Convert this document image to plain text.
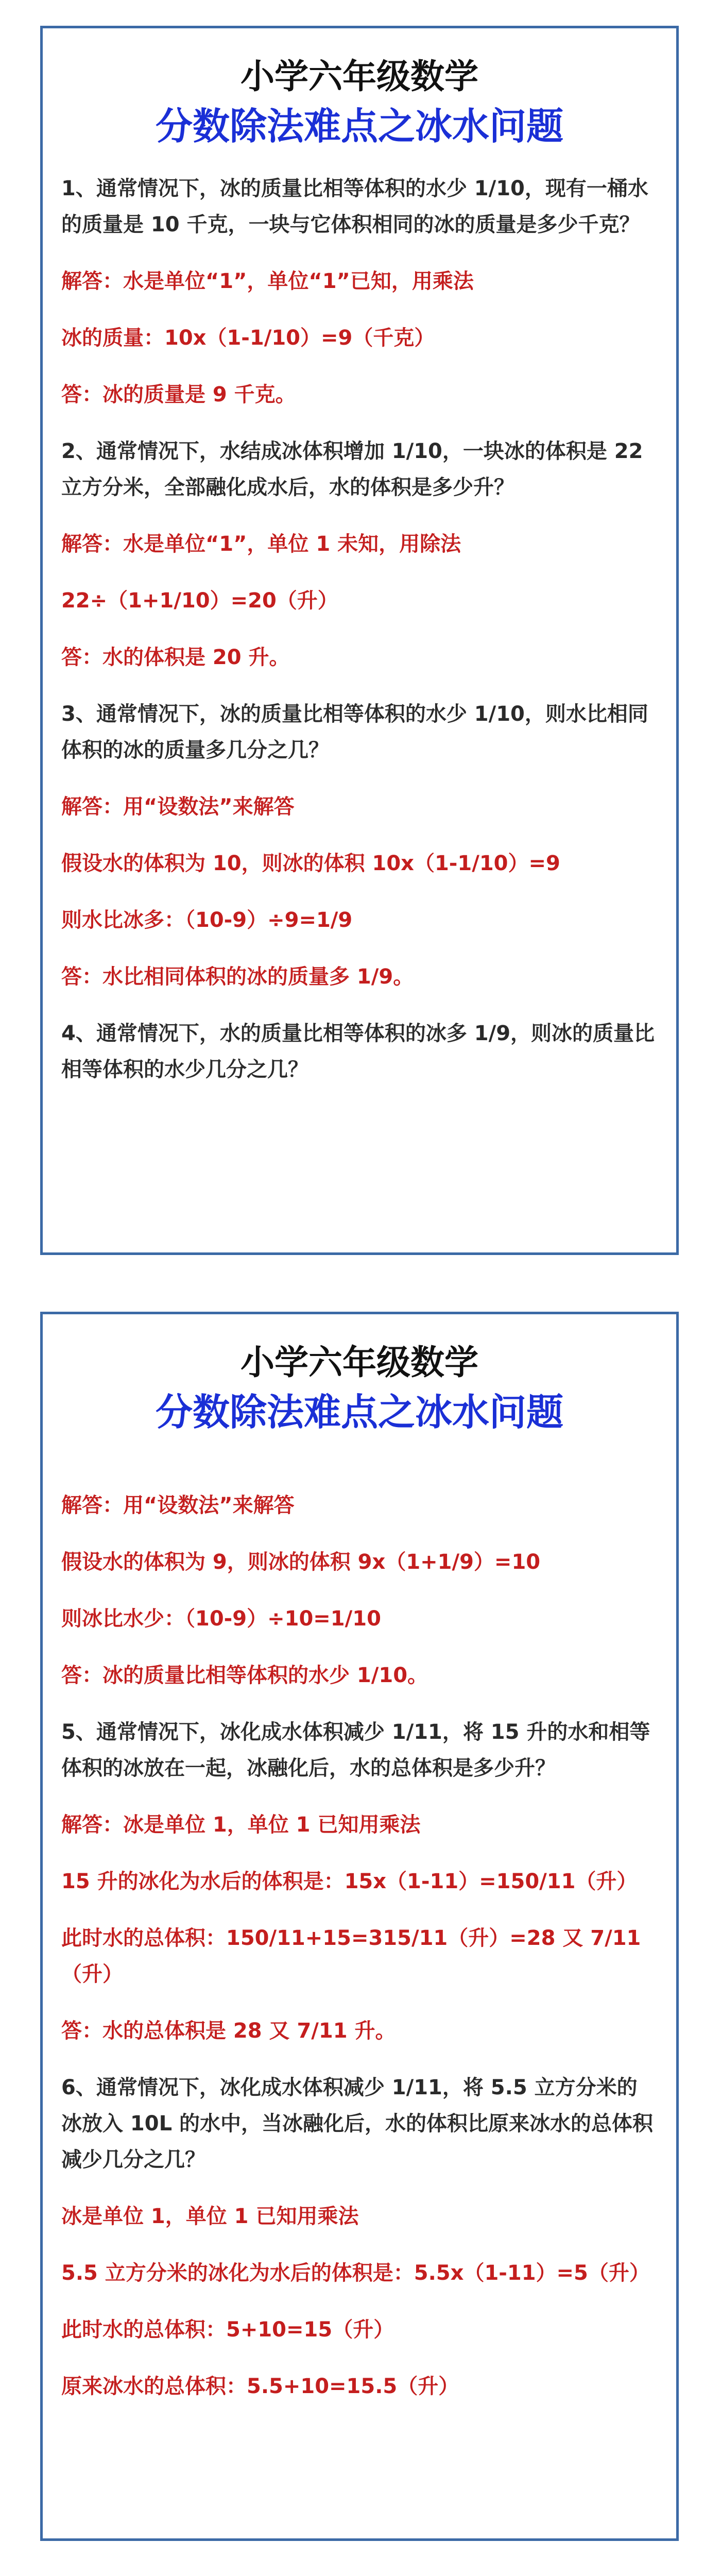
小学六年级数学
分数除法难点之冰水问题

1、通常情况下，冰的质量比相等体积的水少 1/10，现有一桶水的质量是 10 千克，一块与它体积相同的冰的质量是多少千克？

解答：水是单位“1”，单位“1”已知，用乘法

冰的质量：10x（1-1/10）=9（千克）

答：冰的质量是 9 千克。

2、通常情况下，水结成冰体积增加 1/10，一块冰的体积是 22 立方分米，全部融化成水后，水的体积是多少升？

解答：水是单位“1”，单位 1 未知，用除法

22÷（1+1/10）=20（升）

答：水的体积是 20 升。

3、通常情况下，冰的质量比相等体积的水少 1/10，则水比相同体积的冰的质量多几分之几？

解答：用“设数法”来解答

假设水的体积为 10，则冰的体积 10x（1-1/10）=9

则水比冰多：（10-9）÷9=1/9

答：水比相同体积的冰的质量多 1/9。

4、通常情况下，水的质量比相等体积的冰多 1/9，则冰的质量比相等体积的水少几分之几？

小学六年级数学
分数除法难点之冰水问题

解答：用“设数法”来解答

假设水的体积为 9，则冰的体积 9x（1+1/9）=10

则冰比水少：（10-9）÷10=1/10

答：冰的质量比相等体积的水少 1/10。

5、通常情况下，冰化成水体积减少 1/11，将 15 升的水和相等体积的冰放在一起，冰融化后，水的总体积是多少升？

解答：冰是单位 1，单位 1 已知用乘法

15 升的冰化为水后的体积是：15x（1-11）=150/11（升）

此时水的总体积：150/11+15=315/11（升）=28 又 7/11（升）

答：水的总体积是 28 又 7/11 升。

6、通常情况下，冰化成水体积减少 1/11，将 5.5 立方分米的冰放入 10L 的水中，当冰融化后，水的体积比原来冰水的总体积减少几分之几？

冰是单位 1，单位 1 已知用乘法

5.5 立方分米的冰化为水后的体积是：5.5x（1-11）=5（升）

此时水的总体积：5+10=15（升）

原来冰水的总体积：5.5+10=15.5（升）
